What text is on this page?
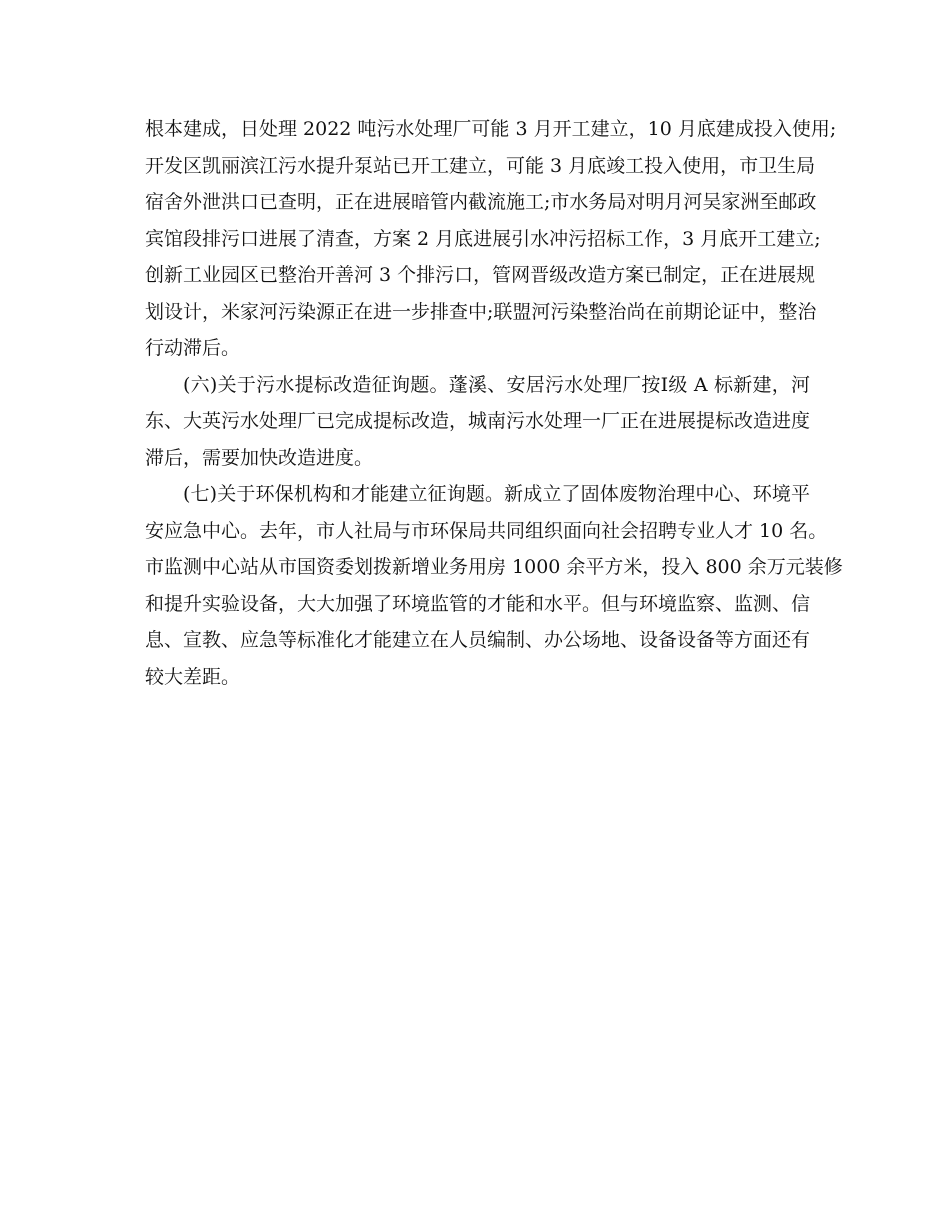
根本建成，日处理 2022 吨污水处理厂可能 3 月开工建立，10 月底建成投入使用;
开发区凯丽滨江污水提升泵站已开工建立，可能 3 月底竣工投入使用，市卫生局
宿舍外泄洪口已查明，正在进展暗管内截流施工;市水务局对明月河吴家洲至邮政
宾馆段排污口进展了清查，方案 2 月底进展引水冲污招标工作，3 月底开工建立;
创新工业园区已整治开善河 3 个排污口，管网晋级改造方案已制定，正在进展规
划设计，米家河污染源正在进一步排查中;联盟河污染整治尚在前期论证中，整治
行动滞后。
(六)关于污水提标改造征询题。蓬溪、安居污水处理厂按Ⅰ级 A 标新建，河
东、大英污水处理厂已完成提标改造，城南污水处理一厂正在进展提标改造进度
滞后，需要加快改造进度。
(七)关于环保机构和才能建立征询题。新成立了固体废物治理中心、环境平
安应急中心。去年，市人社局与市环保局共同组织面向社会招聘专业人才 10 名。
市监测中心站从市国资委划拨新增业务用房 1000 余平方米，投入 800 余万元装修
和提升实验设备，大大加强了环境监管的才能和水平。但与环境监察、监测、信
息、宣教、应急等标准化才能建立在人员编制、办公场地、设备设备等方面还有
较大差距。
